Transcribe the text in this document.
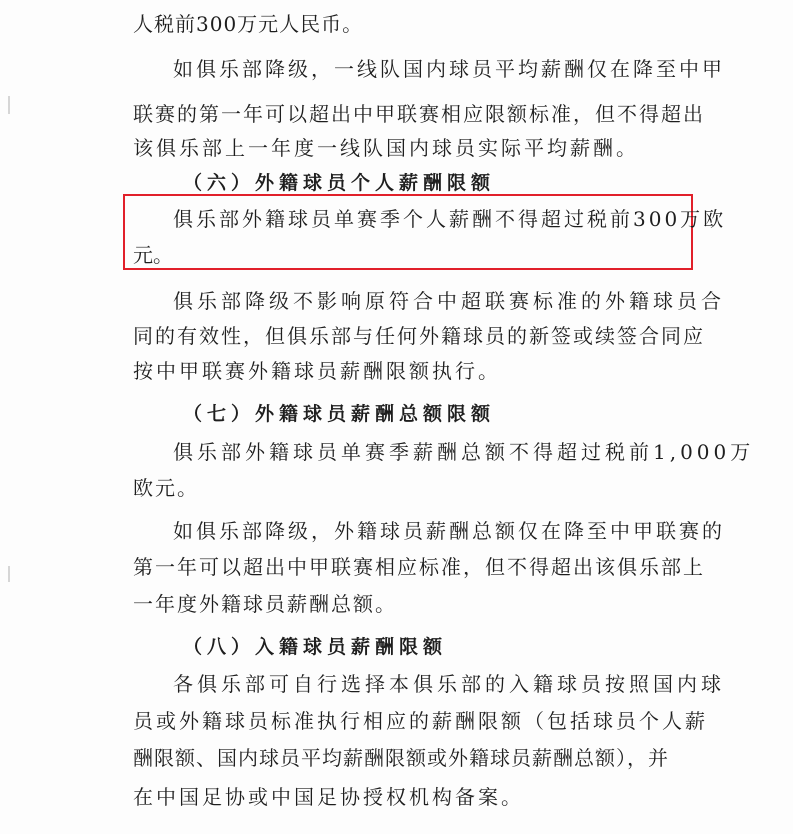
人税前300万元人民币。
如俱乐部降级，一线队国内球员平均薪酬仅在降至中甲
联赛的第一年可以超出中甲联赛相应限额标准，但不得超出
该俱乐部上一年度一线队国内球员实际平均薪酬。
（六）外籍球员个人薪酬限额
俱乐部外籍球员单赛季个人薪酬不得超过税前300万欧
元。
俱乐部降级不影响原符合中超联赛标准的外籍球员合
同的有效性，但俱乐部与任何外籍球员的新签或续签合同应
按中甲联赛外籍球员薪酬限额执行。
（七）外籍球员薪酬总额限额
俱乐部外籍球员单赛季薪酬总额不得超过税前1,000万
欧元。
如俱乐部降级，外籍球员薪酬总额仅在降至中甲联赛的
第一年可以超出中甲联赛相应标准，但不得超出该俱乐部上
一年度外籍球员薪酬总额。
（八）入籍球员薪酬限额
各俱乐部可自行选择本俱乐部的入籍球员按照国内球
员或外籍球员标准执行相应的薪酬限额（包括球员个人薪
酬限额、国内球员平均薪酬限额或外籍球员薪酬总额），并
在中国足协或中国足协授权机构备案。
